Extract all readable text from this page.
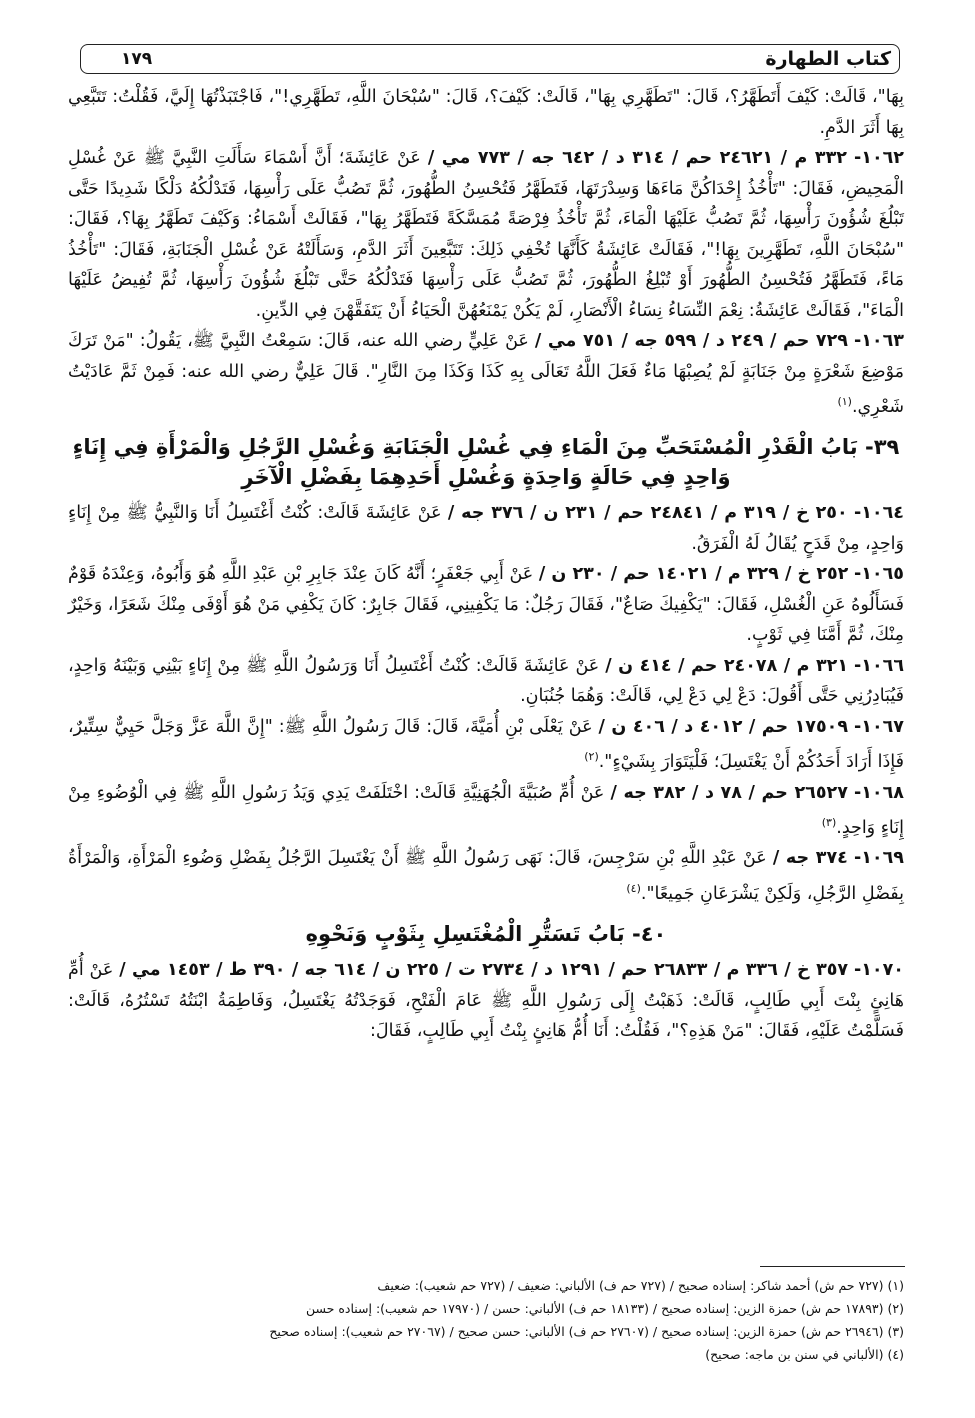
كتاب الطهارة
١٧٩

بِهَا"، قَالَتْ: كَيْفَ أَتَطَهَّرُ؟، قَالَ: "تَطَهَّرِي بِهَا"، قَالَتْ: كَيْفَ؟، قَالَ: "سُبْحَانَ اللَّهِ، تَطَهَّرِي!"، فَاجْتَبَذْتُهَا إِلَيَّ، فَقُلْتُ: تَتَبَّعِي بِهَا أَثَرَ الدَّمِ.

١٠٦٢- ٣٣٢ م / ٢٤٦٢١ حم / ٣١٤ د / ٦٤٢ جه / ٧٧٣ مي / عَنْ عَائِشَةَ؛ أَنَّ أَسْمَاءَ سَأَلَتِ النَّبِيَّ ﷺ عَنْ غُسْلِ الْمَحِيضِ، فَقَالَ: "تَأْخُذُ إِحْدَاكُنَّ مَاءَهَا وَسِدْرَتَهَا، فَتَطَهَّرُ فَتُحْسِنُ الطُّهُورَ، ثُمَّ تَصُبُّ عَلَى رَأْسِهَا، فَتَدْلُكُهُ دَلْكًا شَدِيدًا حَتَّى تَبْلُغَ شُؤُونَ رَأْسِهَا، ثُمَّ تَصُبُّ عَلَيْهَا الْمَاءَ، ثُمَّ تَأْخُذُ فِرْصَةً مُمَسَّكَةً فَتَطَهَّرُ بِهَا"، فَقَالَتْ أَسْمَاءُ: وَكَيْفَ تَطَهَّرُ بِهَا؟، فَقَالَ: "سُبْحَانَ اللَّهِ، تَطَهَّرِينَ بِهَا!"، فَقَالَتْ عَائِشَةُ كَأَنَّهَا تُخْفِي ذَلِكَ: تَتَبَّعِينَ أَثَرَ الدَّمِ، وَسَأَلَتْهُ عَنْ غُسْلِ الْجَنَابَةِ، فَقَالَ: "تَأْخُذُ مَاءً، فَتَطَهَّرُ فَتُحْسِنُ الطُّهُورَ أَوْ تُبْلِغُ الطُّهُورَ، ثُمَّ تَصُبُّ عَلَى رَأْسِهَا فَتَدْلُكُهُ حَتَّى تَبْلُغَ شُؤُونَ رَأْسِهَا، ثُمَّ تُفِيضُ عَلَيْهَا الْمَاءَ"، فَقَالَتْ عَائِشَةُ: نِعْمَ النِّسَاءُ نِسَاءُ الْأَنْصَارِ، لَمْ يَكُنْ يَمْنَعُهُنَّ الْحَيَاءُ أَنْ يَتَفَقَّهْنَ فِي الدِّينِ.

١٠٦٣- ٧٢٩ حم / ٢٤٩ د / ٥٩٩ جه / ٧٥١ مي / عَنْ عَلِيٍّ رضي الله عنه، قَالَ: سَمِعْتُ النَّبِيَّ ﷺ، يَقُولُ: "مَنْ تَرَكَ مَوْضِعَ شَعْرَةٍ مِنْ جَنَابَةٍ لَمْ يُصِبْهَا مَاءٌ فَعَلَ اللَّهُ تَعَالَى بِهِ كَذَا وَكَذَا مِنَ النَّارِ". قَالَ عَلِيٌّ رضي الله عنه: فَمِنْ ثَمَّ عَادَيْتُ شَعْرِي.$^{(١)}$

٣٩- بَابُ الْقَدْرِ الْمُسْتَحَبِّ مِنَ الْمَاءِ فِي غُسْلِ الْجَنَابَةِ وَغُسْلِ الرَّجُلِ وَالْمَرْأَةِ فِي إِنَاءٍ وَاحِدٍ فِي حَالَةٍ وَاحِدَةٍ وَغُسْلِ أَحَدِهِمَا بِفَضْلِ الْآخَرِ

١٠٦٤- ٢٥٠ خ / ٣١٩ م / ٢٤٨٤١ حم / ٢٣١ ن / ٣٧٦ جه / عَنْ عَائِشَةَ قَالَتْ: كُنْتُ أَغْتَسِلُ أَنَا وَالنَّبِيُّ ﷺ مِنْ إِنَاءٍ وَاحِدٍ، مِنْ قَدَحٍ يُقَالُ لَهُ الْفَرَقُ.

١٠٦٥- ٢٥٢ خ / ٣٢٩ م / ١٤٠٢١ حم / ٢٣٠ ن / عَنْ أَبِي جَعْفَرٍ؛ أَنَّهُ كَانَ عِنْدَ جَابِرِ بْنِ عَبْدِ اللَّهِ هُوَ وَأَبُوهُ، وَعِنْدَهُ قَوْمٌ فَسَأَلُوهُ عَنِ الْغُسْلِ، فَقَالَ: "يَكْفِيكَ صَاعٌ"، فَقَالَ رَجُلٌ: مَا يَكْفِينِي، فَقَالَ جَابِرٌ: كَانَ يَكْفِي مَنْ هُوَ أَوْفَى مِنْكَ شَعَرًا، وَخَيْرٌ مِنْكَ، ثُمَّ أَمَّنَا فِي ثَوْبٍ.

١٠٦٦- ٣٢١ م / ٢٤٠٧٨ حم / ٤١٤ ن / عَنْ عَائِشَةَ قَالَتْ: كُنْتُ أَغْتَسِلُ أَنَا وَرَسُولُ اللَّهِ ﷺ مِنْ إِنَاءٍ بَيْنِي وَبَيْنَهُ وَاحِدٍ، فَيُبَادِرُنِي حَتَّى أَقُولَ: دَعْ لِي دَعْ لِي، قَالَتْ: وَهُمَا جُنُبَانِ.

١٠٦٧- ١٧٥٠٩ حم / ٤٠١٢ د / ٤٠٦ ن / عَنْ يَعْلَى بْنِ أُمَيَّةَ، قَالَ: قَالَ رَسُولُ اللَّهِ ﷺ: "إِنَّ اللَّهَ عَزَّ وَجَلَّ حَيِيٌّ سِتِّيرٌ، فَإِذَا أَرَادَ أَحَدُكُمْ أَنْ يَغْتَسِلَ؛ فَلْيَتَوَارَ بِشَيْءٍ".$^{(٢)}$

١٠٦٨- ٢٦٥٢٧ حم / ٧٨ د / ٣٨٢ جه / عَنْ أُمِّ صُبَيَّةَ الْجُهَنِيَّةِ قَالَتْ: اخْتَلَفَتْ يَدِي وَيَدُ رَسُولِ اللَّهِ ﷺ فِي الْوُضُوءِ مِنْ إِنَاءٍ وَاحِدٍ.$^{(٣)}$

١٠٦٩- ٣٧٤ جه / عَنْ عَبْدِ اللَّهِ بْنِ سَرْجِسَ، قَالَ: نَهَى رَسُولُ اللَّهِ ﷺ أَنْ يَغْتَسِلَ الرَّجُلُ بِفَضْلِ وَضُوءِ الْمَرْأَةِ، وَالْمَرْأَةُ بِفَضْلِ الرَّجُلِ، وَلَكِنْ يَشْرَعَانِ جَمِيعًا".$^{(٤)}$

٤٠- بَابُ تَسَتُّرِ الْمُغْتَسِلِ بِثَوْبٍ وَنَحْوِهِ

١٠٧٠- ٣٥٧ خ / ٣٣٦ م / ٢٦٨٣٣ حم / ١٢٩١ د / ٢٧٣٤ ت / ٢٢٥ ن / ٦١٤ جه / ٣٩٠ ط / ١٤٥٣ مي / عَنْ أُمِّ هَانِئٍ بِنْتَ أَبِي طَالِبٍ، قَالَتْ: ذَهَبْتُ إِلَى رَسُولِ اللَّهِ ﷺ عَامَ الْفَتْحِ، فَوَجَدْتُهُ يَغْتَسِلُ، وَفَاطِمَةُ ابْنَتُهُ تَسْتُرُهُ، قَالَتْ: فَسَلَّمْتُ عَلَيْهِ، فَقَالَ: "مَنْ هَذِهِ؟"، فَقُلْتُ: أَنَا أُمُّ هَانِئٍ بِنْتُ أَبِي طَالِبٍ، فَقَالَ:

(١) (٧٢٧ حم ش) أحمد شاكر: إسناده صحيح / (٧٢٧ حم ف) الألباني: ضعيف / (٧٢٧ حم شعيب): ضعيف
(٢) (١٧٨٩٣ حم ش) حمزة الزين: إسناده صحيح / (١٨١٣٣ حم ف) الألباني: حسن / (١٧٩٧٠ حم شعيب): إسناده حسن
(٣) (٢٦٩٤٦ حم ش) حمزة الزين: إسناده صحيح / (٢٧٦٠٧ حم ف) الألباني: حسن صحيح / (٢٧٠٦٧ حم شعيب): إسناده صحيح
(٤) (الألباني في سنن بن ماجه: صحيح)
